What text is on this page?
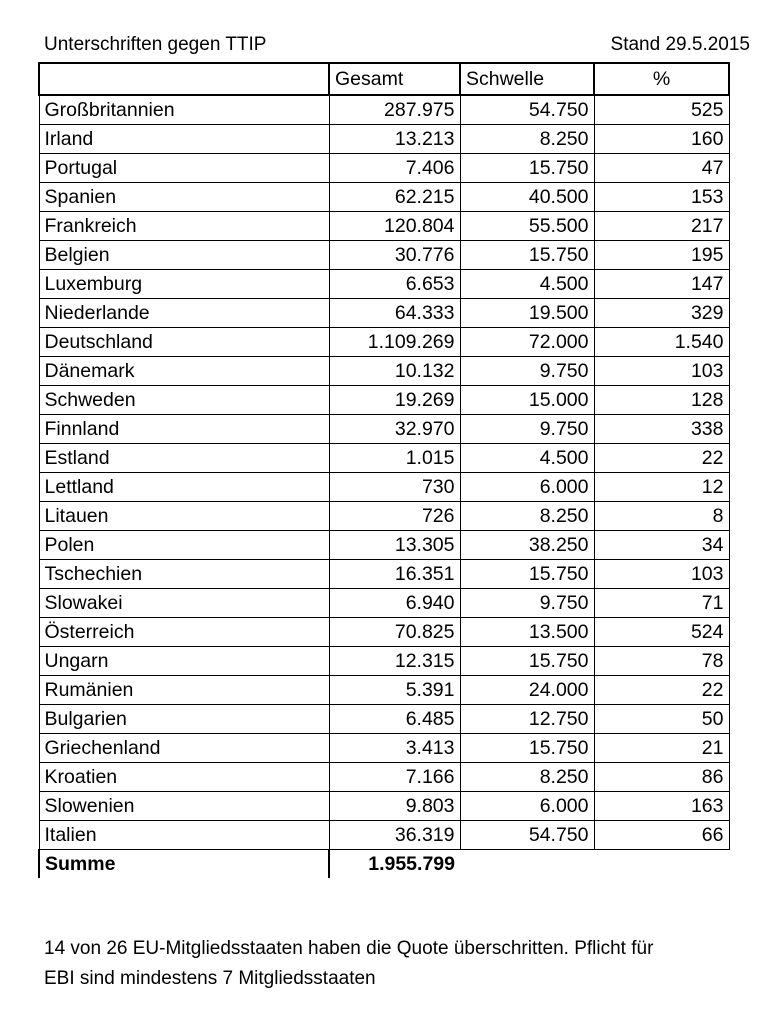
Unterschriften gegen TTIP	Stand 29.5.2015
	Gesamt	Schwelle	%
Großbritannien	287.975	54.750	525
Irland	13.213	8.250	160
Portugal	7.406	15.750	47
Spanien	62.215	40.500	153
Frankreich	120.804	55.500	217
Belgien	30.776	15.750	195
Luxemburg	6.653	4.500	147
Niederlande	64.333	19.500	329
Deutschland	1.109.269	72.000	1.540
Dänemark	10.132	9.750	103
Schweden	19.269	15.000	128
Finnland	32.970	9.750	338
Estland	1.015	4.500	22
Lettland	730	6.000	12
Litauen	726	8.250	8
Polen	13.305	38.250	34
Tschechien	16.351	15.750	103
Slowakei	6.940	9.750	71
Österreich	70.825	13.500	524
Ungarn	12.315	15.750	78
Rumänien	5.391	24.000	22
Bulgarien	6.485	12.750	50
Griechenland	3.413	15.750	21
Kroatien	7.166	8.250	86
Slowenien	9.803	6.000	163
Italien	36.319	54.750	66
Summe	1.955.799		
14 von 26 EU-Mitgliedsstaaten haben die Quote überschritten. Pflicht für
EBI sind mindestens 7 Mitgliedsstaaten
